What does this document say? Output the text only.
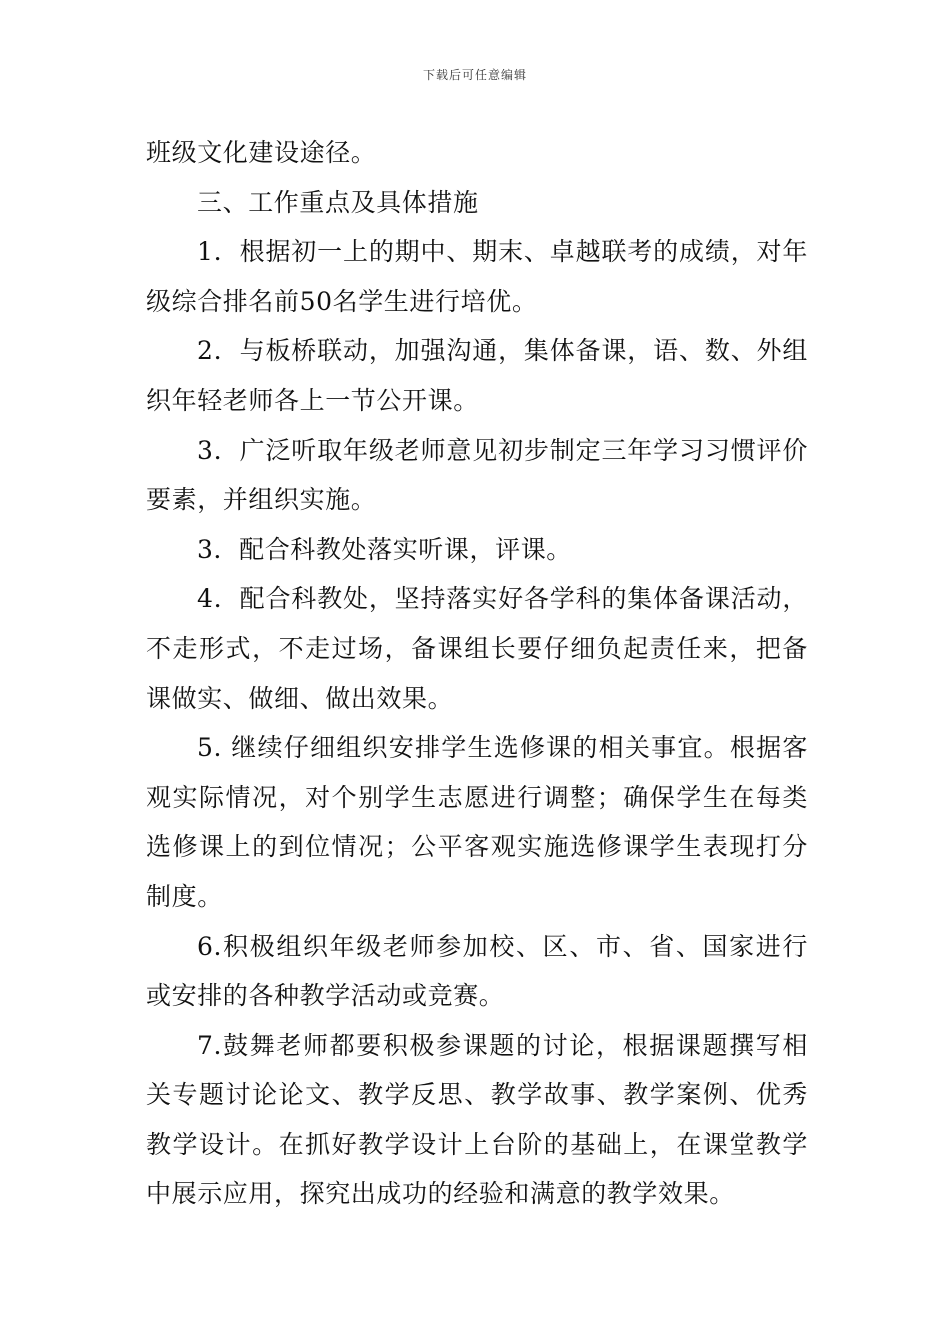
下载后可任意编辑

班级文化建设途径。

三、工作重点及具体措施

1．根据初一上的期中、期末、卓越联考的成绩，对年级综合排名前50名学生进行培优。

2．与板桥联动，加强沟通，集体备课，语、数、外组织年轻老师各上一节公开课。

3．广泛听取年级老师意见初步制定三年学习习惯评价要素，并组织实施。

3．配合科教处落实听课，评课。

4．配合科教处，坚持落实好各学科的集体备课活动，不走形式，不走过场，备课组长要仔细负起责任来，把备课做实、做细、做出效果。

5. 继续仔细组织安排学生选修课的相关事宜。根据客观实际情况，对个别学生志愿进行调整；确保学生在每类选修课上的到位情况；公平客观实施选修课学生表现打分制度。

6.积极组织年级老师参加校、区、市、省、国家进行或安排的各种教学活动或竞赛。

7.鼓舞老师都要积极参课题的讨论，根据课题撰写相关专题讨论论文、教学反思、教学故事、教学案例、优秀教学设计。在抓好教学设计上台阶的基础上，在课堂教学中展示应用，探究出成功的经验和满意的教学效果。
